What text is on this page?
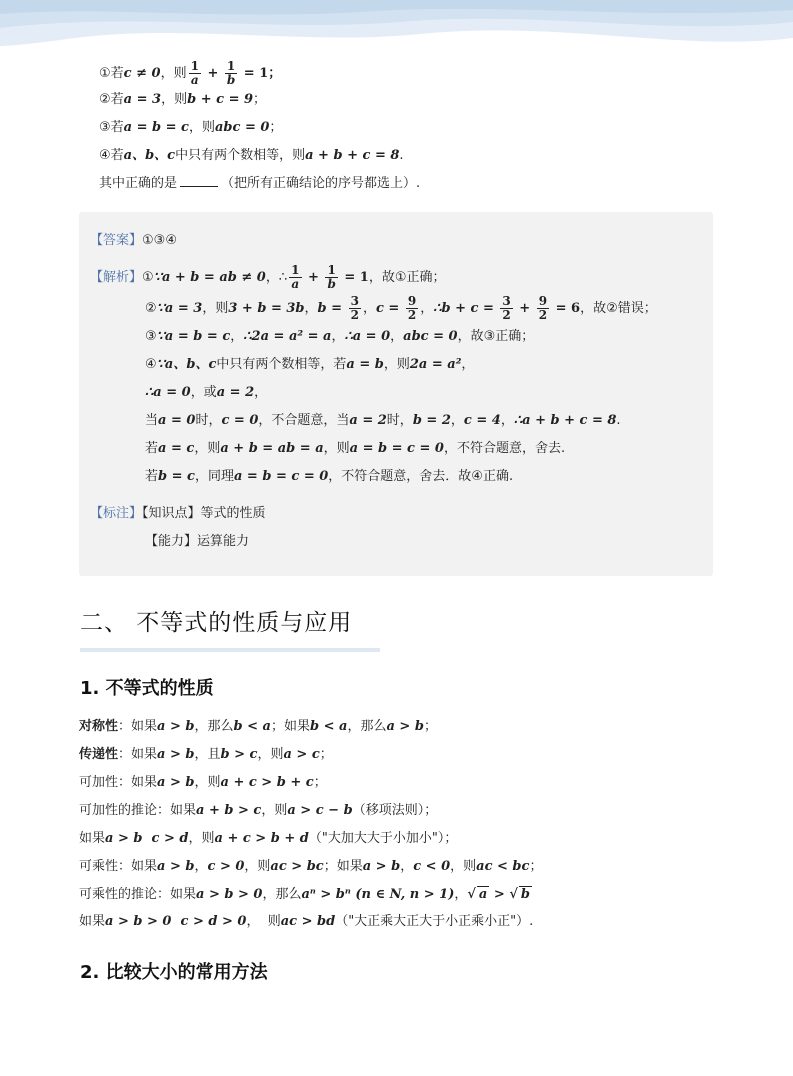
①若c ≠ 0，则 $\frac{1}{a} + \frac{1}{b} = 1$；
②若a = 3，则b + c = 9；
③若a = b = c，则abc = 0；
④若a、b、c中只有两个数相等，则a + b + c = 8.
其中正确的是	（把所有正确结论的序号都选上）.
【答案】①③④
【解析】①∵a + b = ab ≠ 0，∴ $\frac{1}{a} + \frac{1}{b} = 1$，故①正确；
②∵a = 3，则3 + b = 3b，$b = \frac{3}{2}$ ，$c = \frac{9}{2}$ ，∴b + $c = \frac{3}{2} + \frac{9}{2} = 6$，故②错误；
③∵a = b = c，∴2a = a² = a，∴a = 0，abc = 0，故③正确；
④∵a、b、c中只有两个数相等，若a = b，则2a = a²，
∴a = 0，或a = 2，
当a = 0时，c = 0，不合题意，当a = 2时，b = 2，c = 4，∴a + b + c = 8.
若a = c，则a + b = ab = a，则a = b = c = 0，不符合题意，舍去.
若b = c，同理a = b = c = 0，不符合题意，舍去．故④正确.
【标注】【知识点】等式的性质
【能力】运算能力
二、 不等式的性质与应用
1. 不等式的性质
对称性：如果a > b，那么b < a；如果b < a，那么a > b；
传递性：如果a > b，且b > c，则a > c；
可加性：如果a > b，则a + c > b + c；
可加性的推论：如果a + b > c，则a > c − b（移项法则）；
如果a > b  c > d，则a + c > b + d（"大加大大于小加小"）；
可乘性：如果a > b，c > 0，则ac > bc；如果a > b，c < 0，则ac < bc；
可乘性的推论：如果a > b > 0，那么aⁿ > bⁿ (n ∈ N, n > 1)，√ a > √ b
如果a > b > 0  c > d > 0，  则ac > bd（"大正乘大正大于小正乘小正"）.
2. 比较大小的常用方法
